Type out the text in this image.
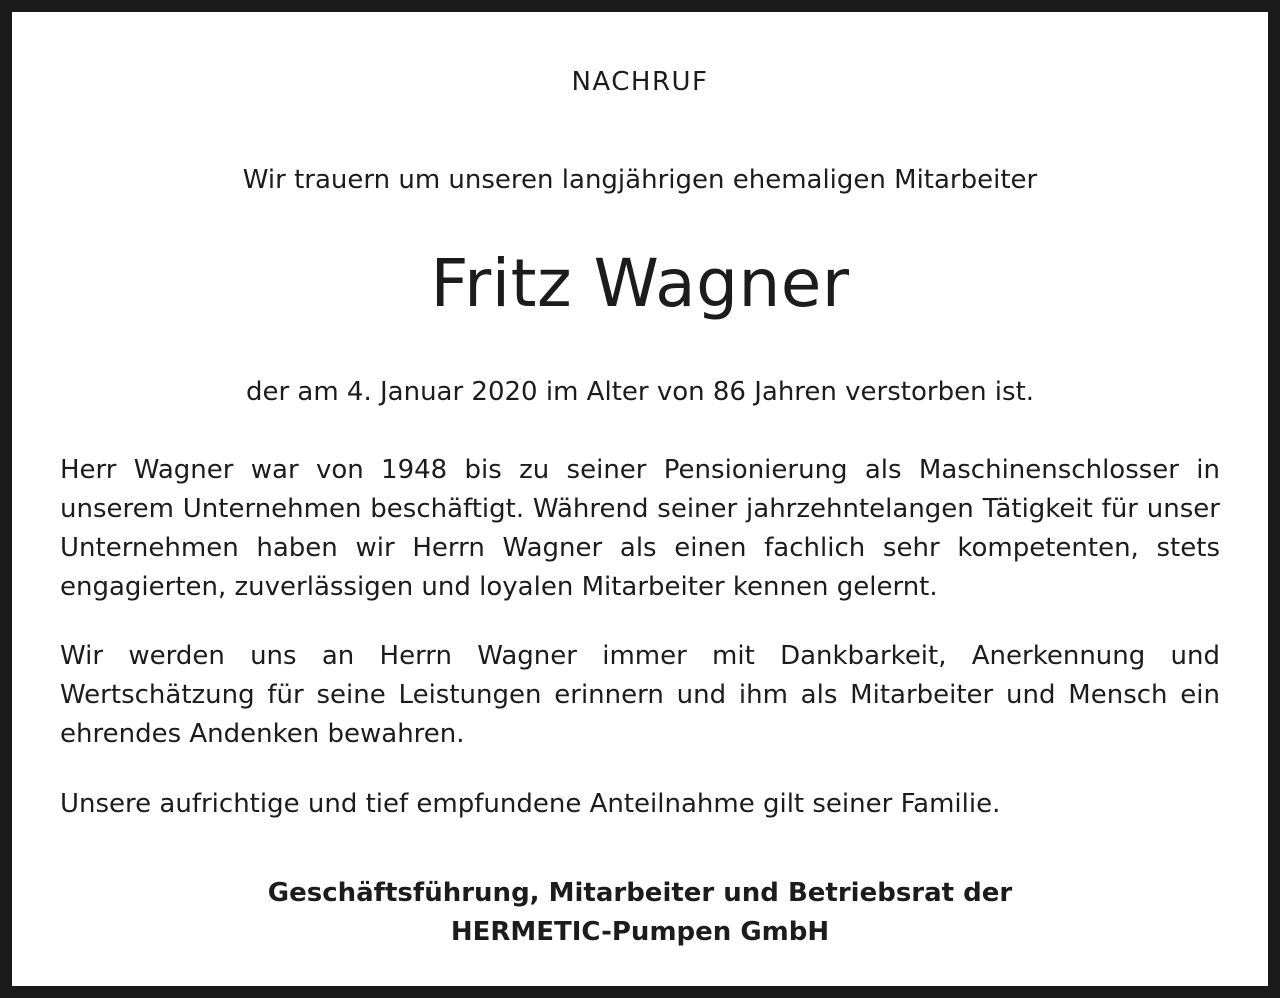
NACHRUF
Wir trauern um unseren langjährigen ehemaligen Mitarbeiter
Fritz Wagner
der am 4. Januar 2020 im Alter von 86 Jahren verstorben ist.

Herr Wagner war von 1948 bis zu seiner Pensionierung als Maschinenschlosser in unserem Unternehmen beschäftigt. Während seiner jahrzehntelangen Tätigkeit für unser Unternehmen haben wir Herrn Wagner als einen fachlich sehr kompetenten, stets engagierten, zuverlässigen und loyalen Mitarbeiter kennen gelernt.

Wir werden uns an Herrn Wagner immer mit Dankbarkeit, Anerkennung und Wertschätzung für seine Leistungen erinnern und ihm als Mitarbeiter und Mensch ein ehrendes Andenken bewahren.

Unsere aufrichtige und tief empfundene Anteilnahme gilt seiner Familie.

Geschäftsführung, Mitarbeiter und Betriebsrat der
HERMETIC-Pumpen GmbH
